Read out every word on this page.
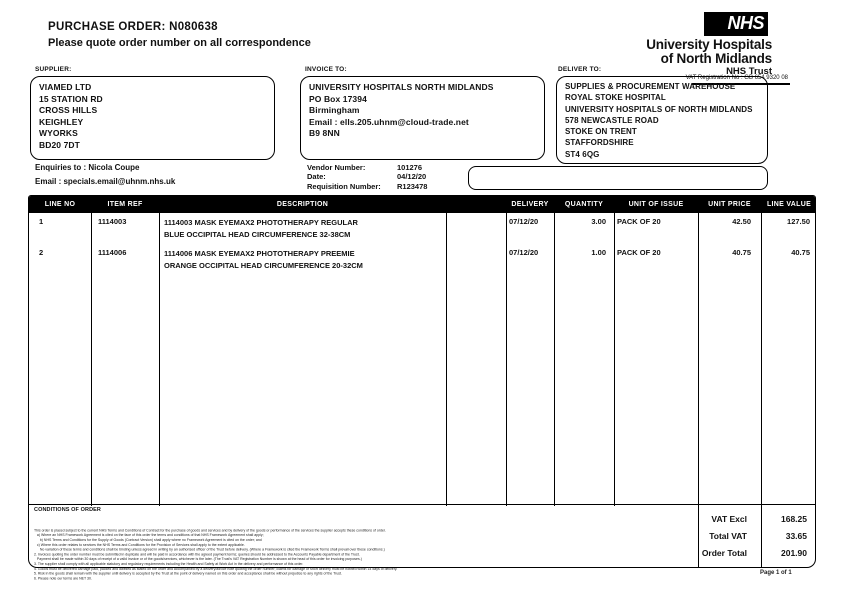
PURCHASE ORDER: N080638
Please quote order number on all correspondence
NHS
University Hospitals
of North Midlands
NHS Trust
VAT Registration No : GB 654 9320 08
SUPPLIER:	INVOICE TO:	DELIVER TO:
VIAMED LTD
15 STATION RD
CROSS HILLS
KEIGHLEY
WYORKS
BD20 7DT
UNIVERSITY HOSPITALS NORTH MIDLANDS
PO Box 17394
Birmingham
Email : ells.205.uhnm@cloud-trade.net
B9 8NN
SUPPLIES & PROCUREMENT WAREHOUSE
ROYAL STOKE HOSPITAL
UNIVERSITY HOSPITALS OF NORTH MIDLANDS
578 NEWCASTLE ROAD
STOKE ON TRENT
STAFFORDSHIRE
ST4 6QG
Enquiries to : Nicola Coupe
Email : specials.email@uhnm.nhs.uk
Vendor Number:	101276
Date:	04/12/20
Requisition Number:	R123478
LINE NO	ITEM REF	DESCRIPTION	DELIVERY	QUANTITY	UNIT OF ISSUE	UNIT PRICE	LINE VALUE
1	1114003	1114003 MASK EYEMAX2 PHOTOTHERAPY REGULAR
BLUE OCCIPITAL HEAD CIRCUMFERENCE 32-38CM
07/12/20	3.00	PACK OF 20	42.50	127.50
2	1114006	1114006 MASK EYEMAX2 PHOTOTHERAPY PREEMIE
ORANGE OCCIPITAL HEAD CIRCUMFERENCE 20-32CM
07/12/20	1.00	PACK OF 20	40.75	40.75
CONDITIONS OF ORDER

This order is placed subject to the current NHS Terms and Conditions of Contract for the purchase of goods and services and by delivery of the goods or performance of the services the supplier accepts these conditions of order.
a) Where an NHS Framework Agreement is cited on the face of this order the terms and conditions of that NHS Framework Agreement shall apply;
b) NHS Terms and Conditions for the Supply of Goods (Contract Version) shall apply where no Framework Agreement is cited on the order; and
c) Where this order relates to services the NHS Terms and Conditions for the Provision of Services shall apply to the extent applicable.
No variation of these terms and conditions shall be binding unless agreed in writing by an authorised officer of the Trust before delivery. (Where a Framework is cited the Framework Terms shall prevail over these conditions.)
2. Invoices quoting the order number must be submitted in duplicate and will be paid in accordance with the agreed payment terms; queries should be addressed to the Accounts Payable department of the Trust.
Payment shall be made within 30 days of receipt of a valid invoice or of the goods/services, whichever is the later. (The Trust's VAT Registration Number is shown at the head of this order for invoicing purposes.)
3. The supplier shall comply with all applicable statutory and regulatory requirements including the Health and Safety at Work Act in the delivery and performance of this order.
4. Goods must be delivered carriage paid, packed and labelled as stated on the order and accompanied by a delivery/advice note quoting the order number; claims for damage or short delivery must be notified within 14 days of delivery.
5. Risk in the goods shall remain with the supplier until delivery is accepted by the Trust at the point of delivery named on this order and acceptance shall be without prejudice to any rights of the Trust.
6. Please note our terms are NET 30.
VAT Excl	168.25
Total VAT	33.65
Order Total	201.90
Page 1 of 1
